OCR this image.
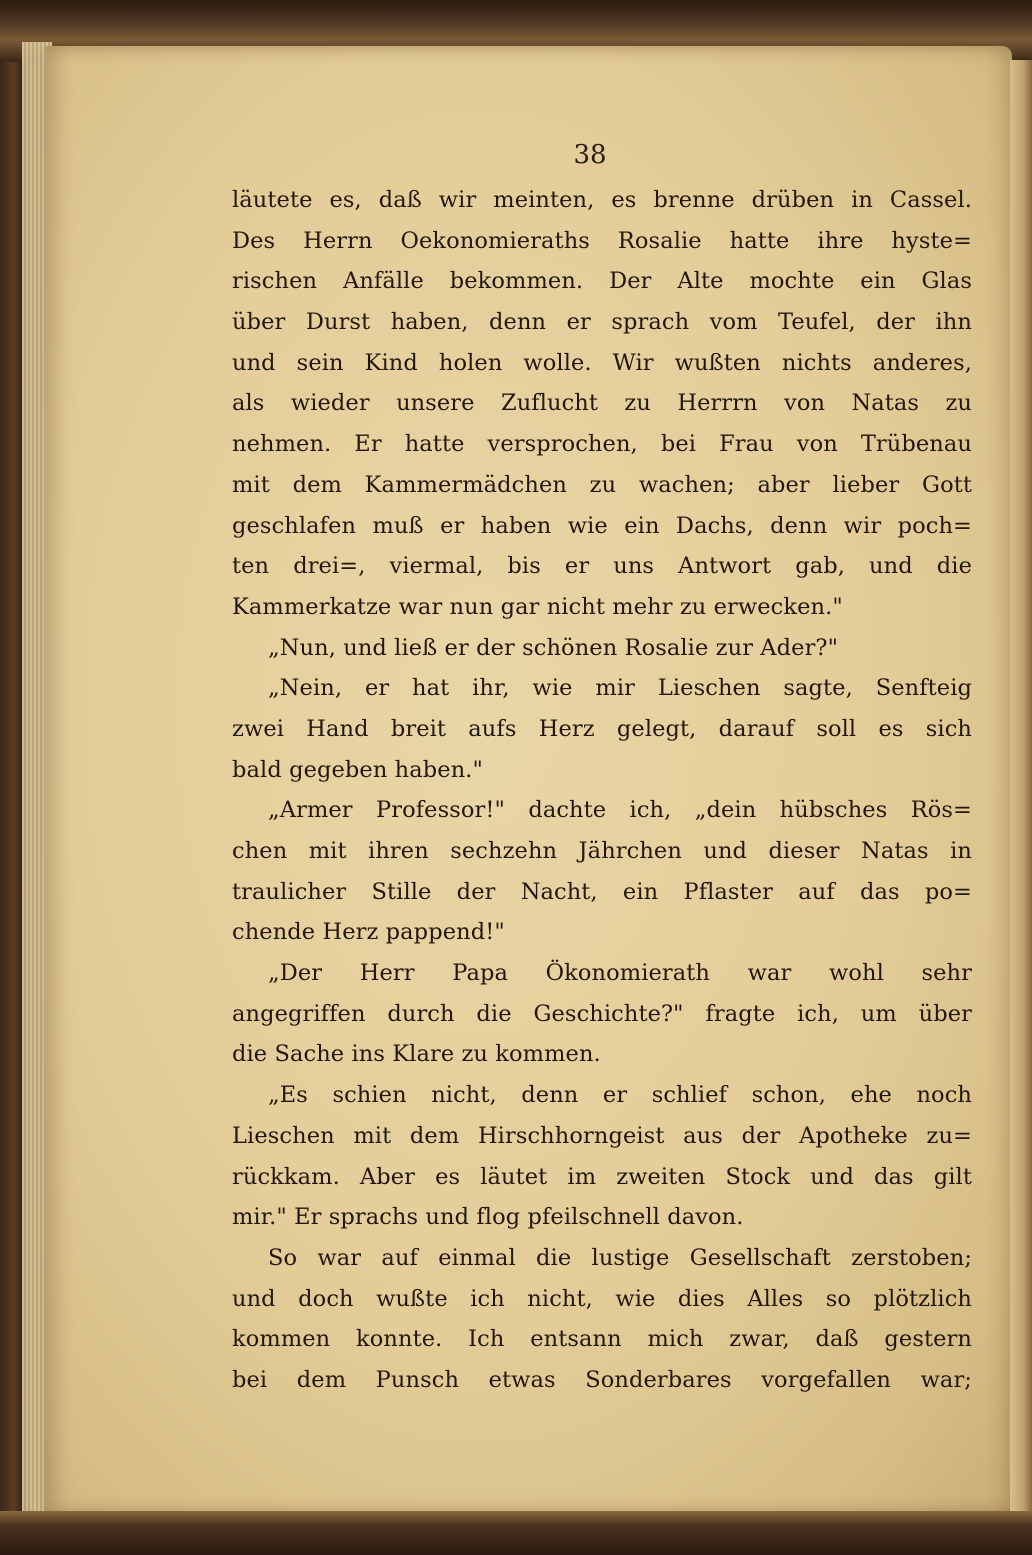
38
läutete es, daß wir meinten, es brenne drüben in Cassel.
Des Herrn Oekonomieraths Rosalie hatte ihre hyste=
rischen Anfälle bekommen. Der Alte mochte ein Glas
über Durst haben, denn er sprach vom Teufel, der ihn
und sein Kind holen wolle. Wir wußten nichts anderes,
als wieder unsere Zuflucht zu Herrrn von Natas zu
nehmen. Er hatte versprochen, bei Frau von Trübenau
mit dem Kammermädchen zu wachen; aber lieber Gott
geschlafen muß er haben wie ein Dachs, denn wir poch=
ten drei=, viermal, bis er uns Antwort gab, und die
Kammerkatze war nun gar nicht mehr zu erwecken."
„Nun, und ließ er der schönen Rosalie zur Ader?"
„Nein, er hat ihr, wie mir Lieschen sagte, Senfteig
zwei Hand breit aufs Herz gelegt, darauf soll es sich
bald gegeben haben."
„Armer Professor!" dachte ich, „dein hübsches Rös=
chen mit ihren sechzehn Jährchen und dieser Natas in
traulicher Stille der Nacht, ein Pflaster auf das po=
chende Herz pappend!"
„Der Herr Papa Ökonomierath war wohl sehr
angegriffen durch die Geschichte?" fragte ich, um über
die Sache ins Klare zu kommen.
„Es schien nicht, denn er schlief schon, ehe noch
Lieschen mit dem Hirschhorngeist aus der Apotheke zu=
rückkam. Aber es läutet im zweiten Stock und das gilt
mir." Er sprachs und flog pfeilschnell davon.
So war auf einmal die lustige Gesellschaft zerstoben;
und doch wußte ich nicht, wie dies Alles so plötzlich
kommen konnte. Ich entsann mich zwar, daß gestern
bei dem Punsch etwas Sonderbares vorgefallen war;
